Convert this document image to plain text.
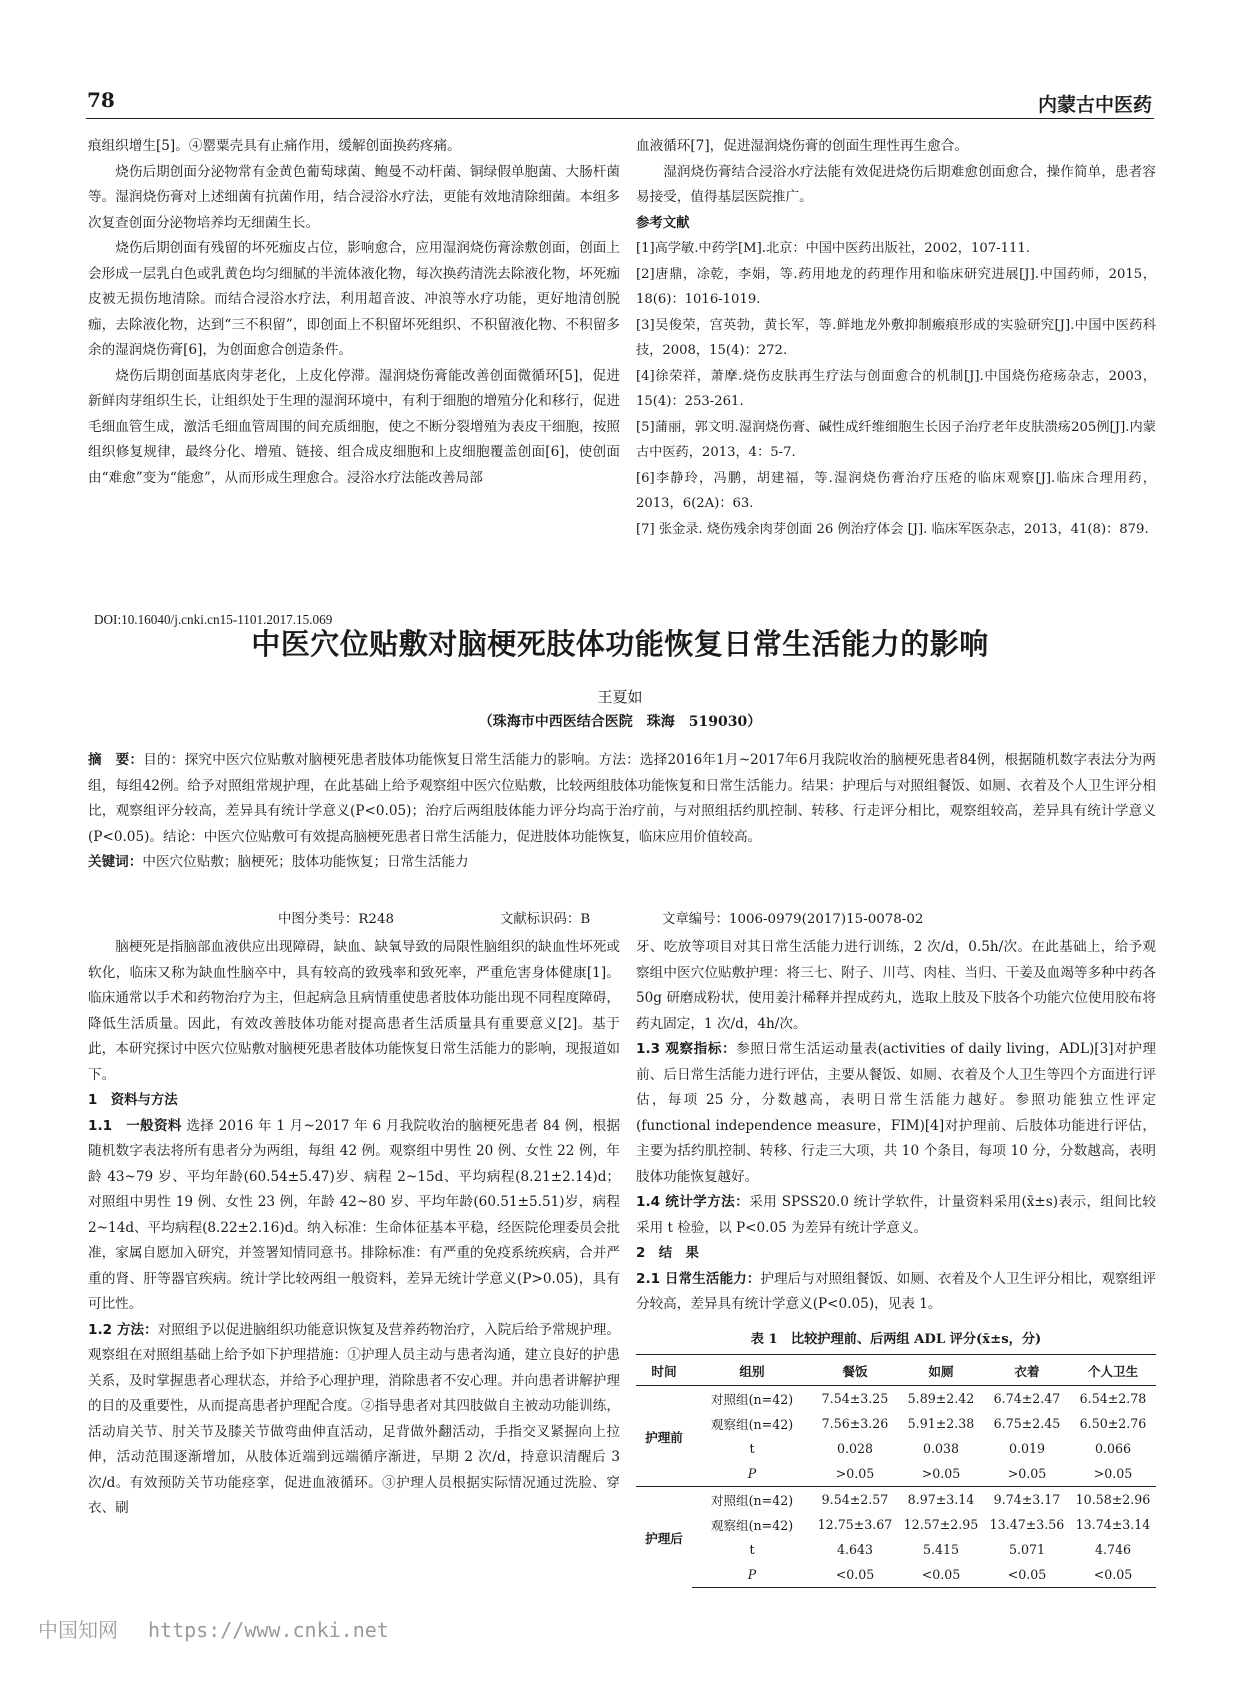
78	内蒙古中医药

痕组织增生[5]。④罂粟壳具有止痛作用，缓解创面换药疼痛。

烧伤后期创面分泌物常有金黄色葡萄球菌、鲍曼不动杆菌、铜绿假单胞菌、大肠杆菌等。湿润烧伤膏对上述细菌有抗菌作用，结合浸浴水疗法，更能有效地清除细菌。本组多次复查创面分泌物培养均无细菌生长。

烧伤后期创面有残留的坏死痂皮占位，影响愈合，应用湿润烧伤膏涂敷创面，创面上会形成一层乳白色或乳黄色均匀细腻的半流体液化物，每次换药清洗去除液化物，坏死痂皮被无损伤地清除。而结合浸浴水疗法，利用超音波、冲浪等水疗功能，更好地清创脱痂，去除液化物，达到“三不积留”，即创面上不积留坏死组织、不积留液化物、不积留多余的湿润烧伤膏[6]，为创面愈合创造条件。

烧伤后期创面基底肉芽老化，上皮化停滞。湿润烧伤膏能改善创面微循环[5]，促进新鲜肉芽组织生长，让组织处于生理的湿润环境中，有利于细胞的增殖分化和移行，促进毛细血管生成，激活毛细血管周围的间充质细胞，使之不断分裂增殖为表皮干细胞，按照组织修复规律，最终分化、增殖、链接、组合成皮细胞和上皮细胞覆盖创面[6]，使创面由“难愈”变为“能愈”，从而形成生理愈合。浸浴水疗法能改善局部

血液循环[7]，促进湿润烧伤膏的创面生理性再生愈合。

湿润烧伤膏结合浸浴水疗法能有效促进烧伤后期难愈创面愈合，操作简单，患者容易接受，值得基层医院推广。

参考文献

[1]高学敏.中药学[M].北京：中国中医药出版社，2002，107-111.

[2]唐鼎，凃乾，李娟，等.药用地龙的药理作用和临床研究进展[J].中国药师，2015，18(6)：1016-1019.

[3]吴俊荣，宫英勃，黄长军，等.鲜地龙外敷抑制瘢痕形成的实验研究[J].中国中医药科技，2008，15(4)：272.

[4]徐荣祥，萧摩.烧伤皮肤再生疗法与创面愈合的机制[J].中国烧伤疮疡杂志，2003，15(4)：253-261.

[5]蒲丽，郭文明.湿润烧伤膏、碱性成纤维细胞生长因子治疗老年皮肤溃疡205例[J].内蒙古中医药，2013，4：5-7.

[6]李静玲，冯鹏，胡建福，等.湿润烧伤膏治疗压疮的临床观察[J].临床合理用药，2013，6(2A)：63.

[7] 张金录. 烧伤残余肉芽创面 26 例治疗体会 [J]. 临床军医杂志，2013，41(8)：879.

DOI:10.16040/j.cnki.cn15-1101.2017.15.069
中医穴位贴敷对脑梗死肢体功能恢复日常生活能力的影响
王夏如
（珠海市中西医结合医院　珠海　519030）

摘　要：目的：探究中医穴位贴敷对脑梗死患者肢体功能恢复日常生活能力的影响。方法：选择2016年1月~2017年6月我院收治的脑梗死患者84例，根据随机数字表法分为两组，每组42例。给予对照组常规护理，在此基础上给予观察组中医穴位贴敷，比较两组肢体功能恢复和日常生活能力。结果：护理后与对照组餐饭、如厕、衣着及个人卫生评分相比，观察组评分较高，差异具有统计学意义(P<0.05)；治疗后两组肢体能力评分均高于治疗前，与对照组括约肌控制、转移、行走评分相比，观察组较高，差异具有统计学意义(P<0.05)。结论：中医穴位贴敷可有效提高脑梗死患者日常生活能力，促进肢体功能恢复，临床应用价值较高。

关键词：中医穴位贴敷；脑梗死；肢体功能恢复；日常生活能力

中图分类号：R248	文献标识码：B	文章编号：1006-0979(2017)15-0078-02

脑梗死是指脑部血液供应出现障碍，缺血、缺氧导致的局限性脑组织的缺血性坏死或软化，临床又称为缺血性脑卒中，具有较高的致残率和致死率，严重危害身体健康[1]。临床通常以手术和药物治疗为主，但起病急且病情重使患者肢体功能出现不同程度障碍，降低生活质量。因此，有效改善肢体功能对提高患者生活质量具有重要意义[2]。基于此，本研究探讨中医穴位贴敷对脑梗死患者肢体功能恢复日常生活能力的影响，现报道如下。

1　资料与方法

1.1　一般资料 选择 2016 年 1 月~2017 年 6 月我院收治的脑梗死患者 84 例，根据随机数字表法将所有患者分为两组，每组 42 例。观察组中男性 20 例、女性 22 例，年龄 43~79 岁、平均年龄(60.54±5.47)岁、病程 2~15d、平均病程(8.21±2.14)d；对照组中男性 19 例、女性 23 例，年龄 42~80 岁、平均年龄(60.51±5.51)岁，病程 2~14d、平均病程(8.22±2.16)d。纳入标准：生命体征基本平稳，经医院伦理委员会批准，家属自愿加入研究，并签署知情同意书。排除标准：有严重的免疫系统疾病，合并严重的肾、肝等器官疾病。统计学比较两组一般资料，差异无统计学意义(P>0.05)，具有可比性。

1.2 方法：对照组予以促进脑组织功能意识恢复及营养药物治疗，入院后给予常规护理。观察组在对照组基础上给予如下护理措施：①护理人员主动与患者沟通，建立良好的护患关系，及时掌握患者心理状态，并给予心理护理，消除患者不安心理。并向患者讲解护理的目的及重要性，从而提高患者护理配合度。②指导患者对其四肢做自主被动功能训练，活动肩关节、肘关节及膝关节做弯曲伸直活动，足背做外翻活动，手指交叉紧握向上拉伸，活动范围逐渐增加，从肢体近端到远端循序渐进，早期 2 次/d，持意识清醒后 3 次/d。有效预防关节功能痉挛，促进血液循环。③护理人员根据实际情况通过洗脸、穿衣、刷

牙、吃放等项目对其日常生活能力进行训练，2 次/d，0.5h/次。在此基础上，给予观察组中医穴位贴敷护理：将三七、附子、川芎、肉桂、当归、干姜及血竭等多种中药各 50g 研磨成粉状，使用姜汁稀释并捏成药丸，选取上肢及下肢各个功能穴位使用胶布将药丸固定，1 次/d，4h/次。

1.3 观察指标：参照日常生活运动量表(activities of daily living，ADL)[3]对护理前、后日常生活能力进行评估，主要从餐饭、如厕、衣着及个人卫生等四个方面进行评估，每项 25 分，分数越高，表明日常生活能力越好。参照功能独立性评定(functional independence measure，FIM)[4]对护理前、后肢体功能进行评估，主要为括约肌控制、转移、行走三大项，共 10 个条目，每项 10 分，分数越高，表明肢体功能恢复越好。

1.4 统计学方法：采用 SPSS20.0 统计学软件，计量资料采用(x̄±s)表示，组间比较采用 t 检验，以 P<0.05 为差异有统计学意义。

2　结　果

2.1 日常生活能力：护理后与对照组餐饭、如厕、衣着及个人卫生评分相比，观察组评分较高，差异具有统计学意义(P<0.05)，见表 1。

表 1　比较护理前、后两组 ADL 评分(x̄±s，分)
时间	组别	餐饭	如厕	衣着	个人卫生
护理前	对照组(n=42)	7.54±3.25	5.89±2.42	6.74±2.47	6.54±2.78
	观察组(n=42)	7.56±3.26	5.91±2.38	6.75±2.45	6.50±2.76
	t	0.028	0.038	0.019	0.066
	P	>0.05	>0.05	>0.05	>0.05
护理后	对照组(n=42)	9.54±2.57	8.97±3.14	9.74±3.17	10.58±2.96
	观察组(n=42)	12.75±3.67	12.57±2.95	13.47±3.56	13.74±3.14
	t	4.643	5.415	5.071	4.746
	P	<0.05	<0.05	<0.05	<0.05
中国知网 https://www.cnki.net
